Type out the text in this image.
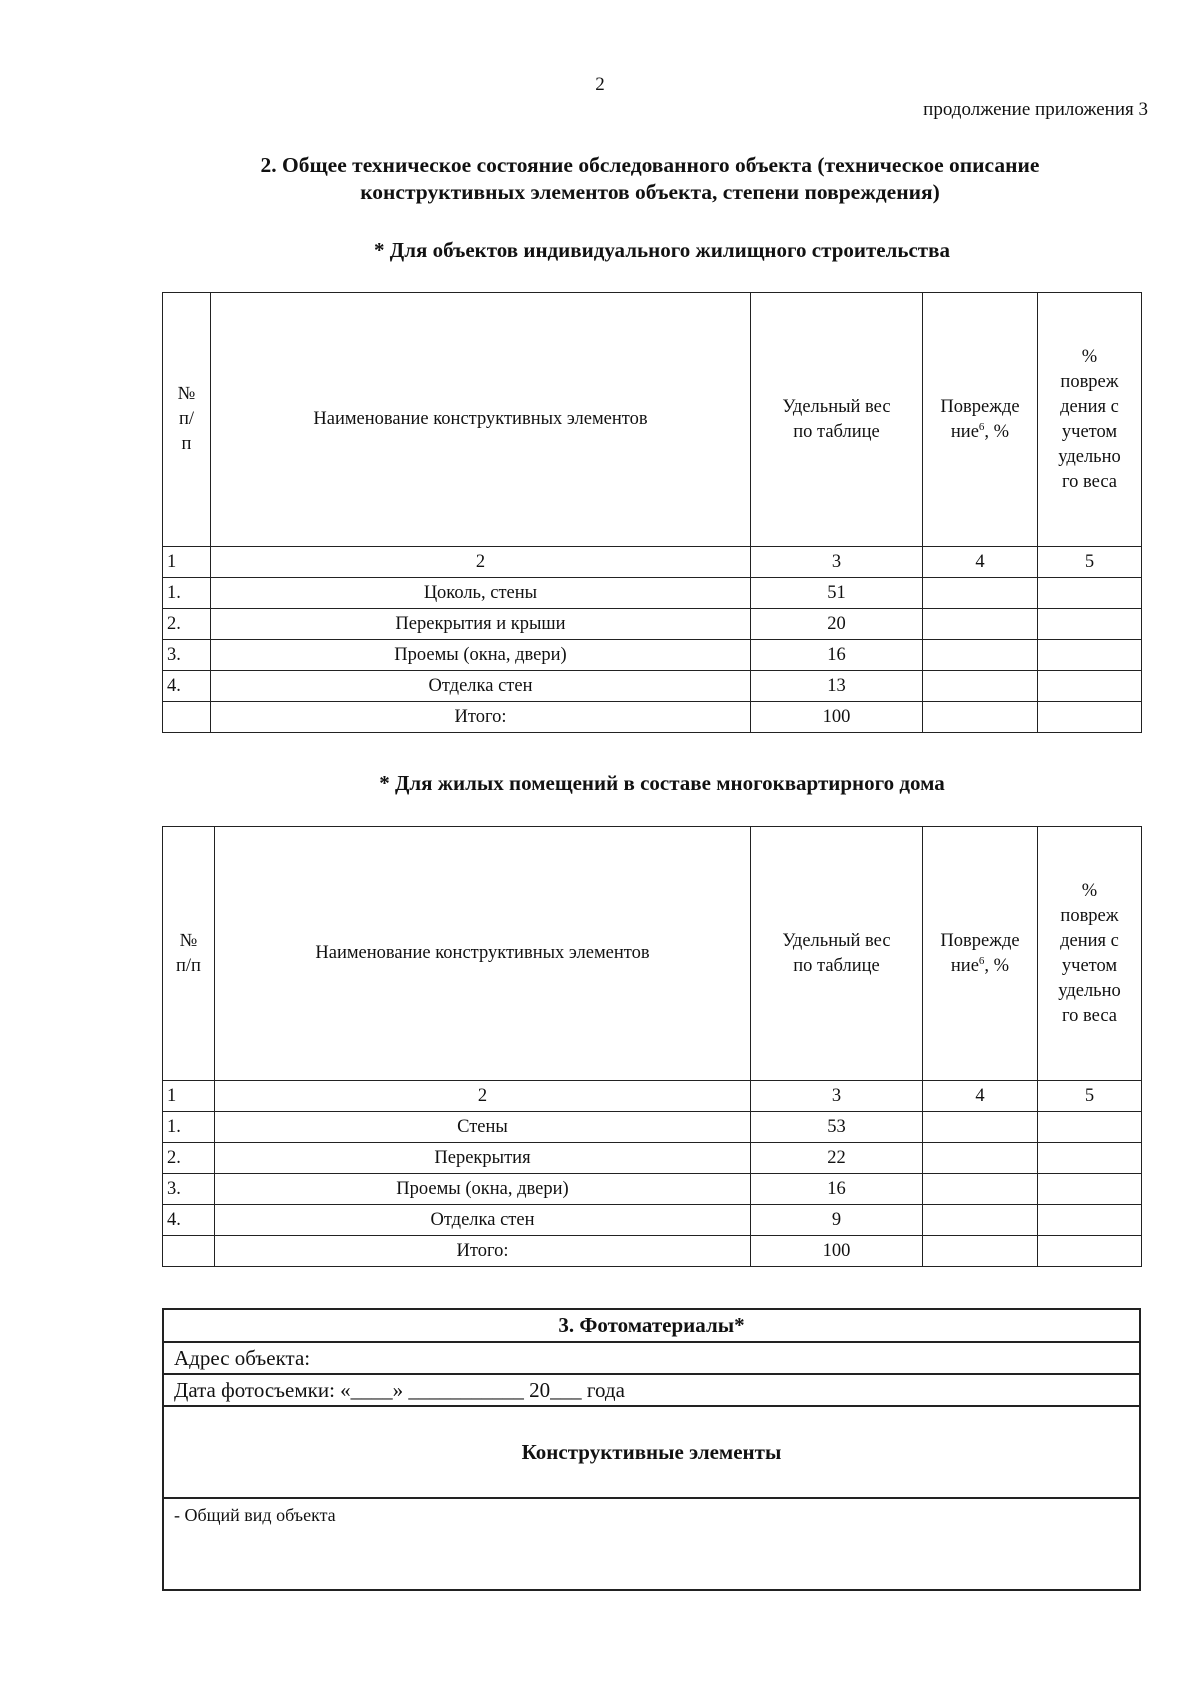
2
продолжение приложения 3
2. Общее техническое состояние обследованного объекта (техническое описание конструктивных элементов объекта, степени повреждения)
* Для объектов индивидуального жилищного строительства
№ п/ п	Наименование конструктивных элементов	Удельный вес по таблице	Поврежде ние$^6$, %	% повреж дения с учетом удельно го веса
1	2	3	4	5
1.	Цоколь, стены	51		
2.	Перекрытия и крыши	20		
3.	Проемы (окна, двери)	16		
4.	Отделка стен	13		
	Итого:	100		
* Для жилых помещений в составе многоквартирного дома
№ п/п	Наименование конструктивных элементов	Удельный вес по таблице	Поврежде ние$^6$, %	% повреж дения с учетом удельно го веса
1	2	3	4	5
1.	Стены	53		
2.	Перекрытия	22		
3.	Проемы (окна, двери)	16		
4.	Отделка стен	9		
	Итого:	100		
3. Фотоматериалы*
Адрес объекта:
Дата фотосъемки: «____» ___________ 20___ года
Конструктивные элементы
- Общий вид объекта
